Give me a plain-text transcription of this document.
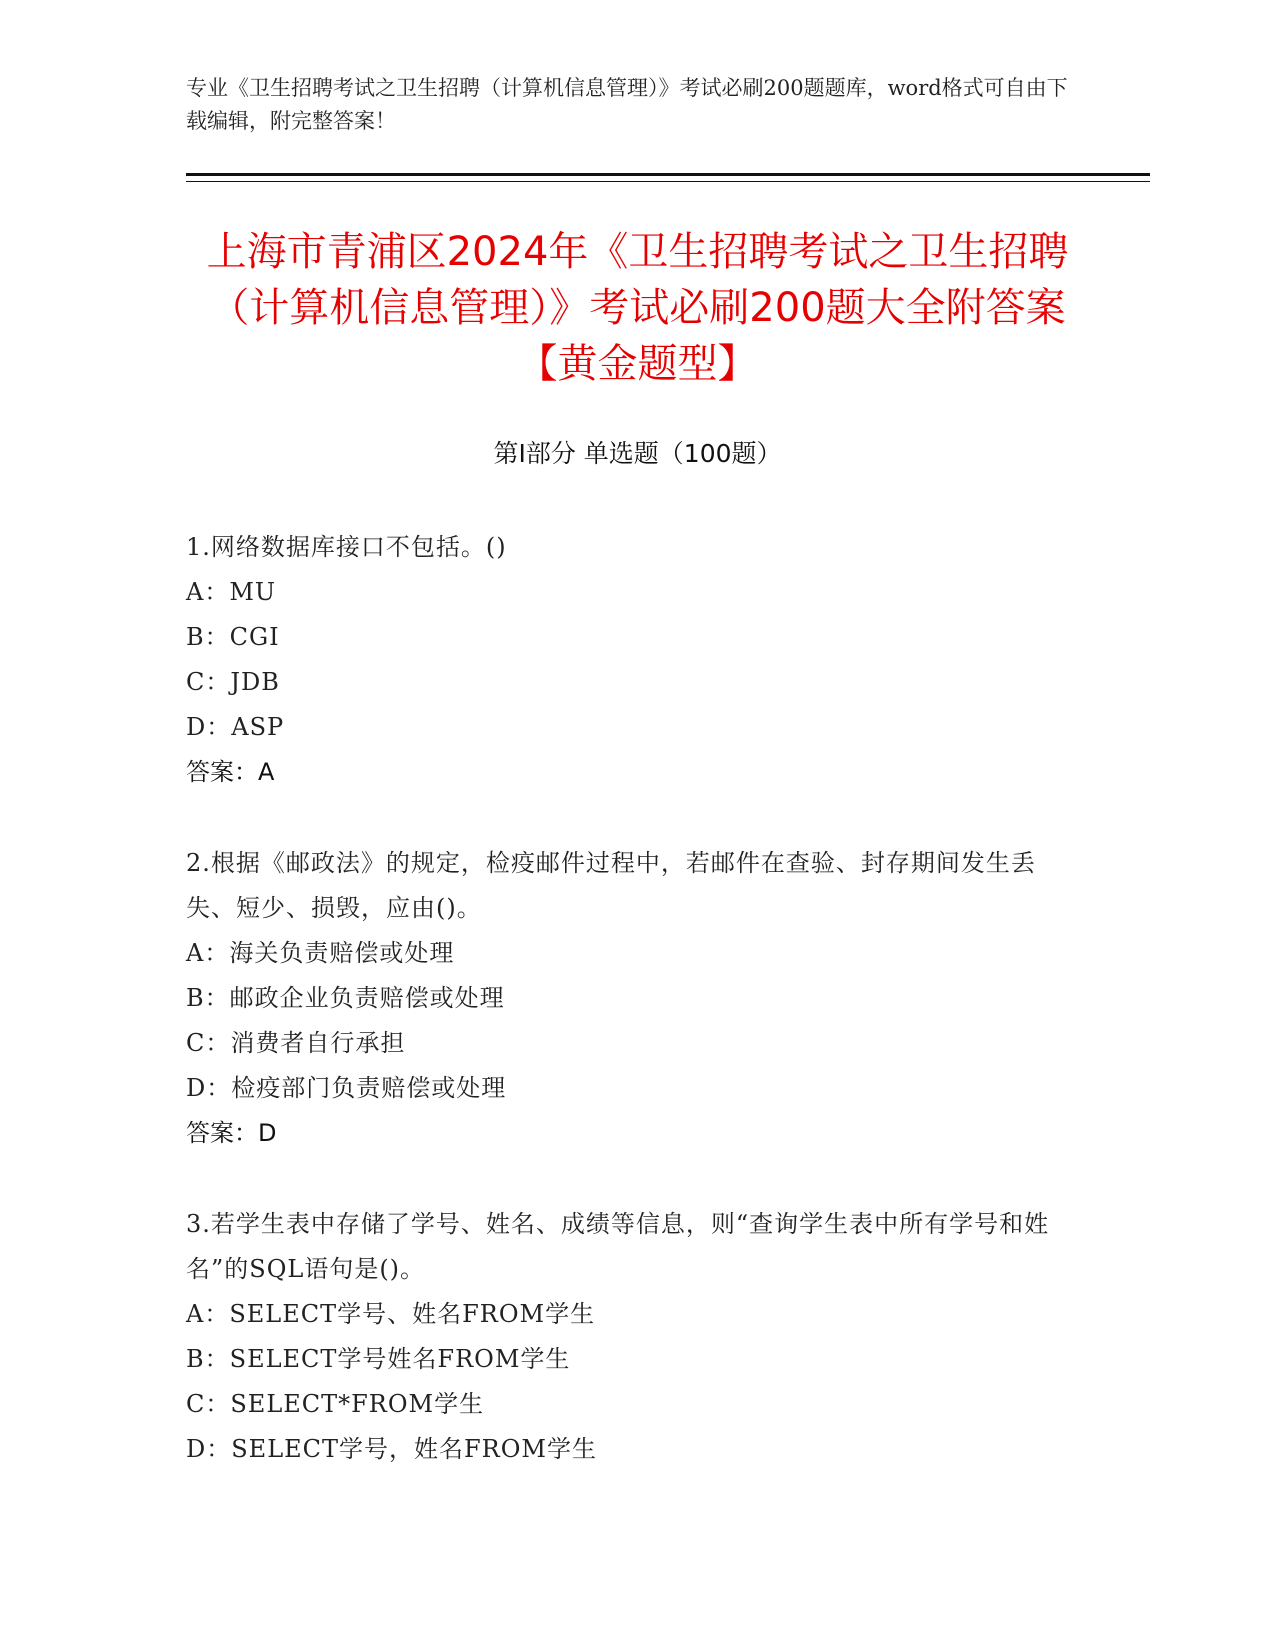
专业《卫生招聘考试之卫生招聘（计算机信息管理）》考试必刷200题题库，word格式可自由下载编辑，附完整答案！
上海市青浦区2024年《卫生招聘考试之卫生招聘（计算机信息管理）》考试必刷200题大全附答案【黄金题型】
第Ⅰ部分 单选题（100题）
1.网络数据库接口不包括。()
A：MU
B：CGI
C：JDB
D：ASP
答案：A
2.根据《邮政法》的规定，检疫邮件过程中，若邮件在查验、封存期间发生丢失、短少、损毁，应由()。
A：海关负责赔偿或处理
B：邮政企业负责赔偿或处理
C：消费者自行承担
D：检疫部门负责赔偿或处理
答案：D
3.若学生表中存储了学号、姓名、成绩等信息，则“查询学生表中所有学号和姓名”的SQL语句是()。
A：SELECT学号、姓名FROM学生
B：SELECT学号姓名FROM学生
C：SELECT*FROM学生
D：SELECT学号，姓名FROM学生
